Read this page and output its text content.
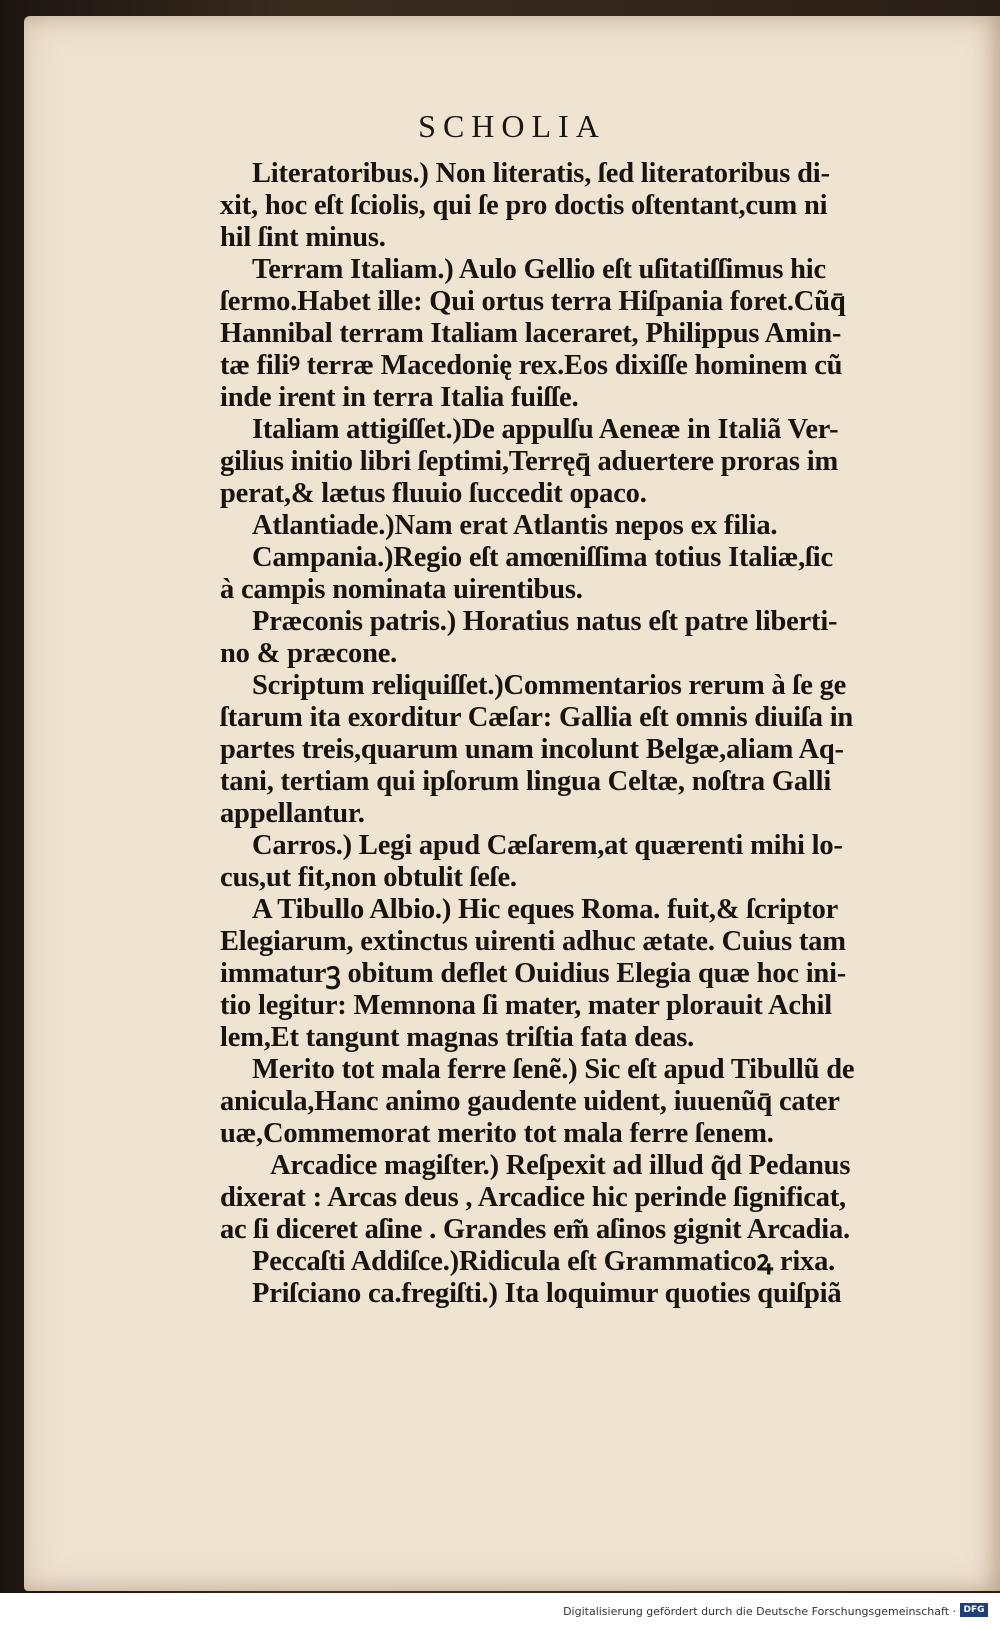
SCHOLIA
Literatoribus.) Non literatis, ſed literatoribus di-
xit, hoc eſt ſciolis, qui ſe pro doctis oſtentant,cum ni
hil ſint minus.
Terram Italiam.) Aulo Gellio eſt uſitatiſſimus hic
ſermo.Habet ille: Qui ortus terra Hiſpania foret.Cũq̄
Hannibal terram Italiam laceraret, Philippus Amin-
tæ filiꝰ terræ Macedonię rex.Eos dixiſſe hominem cũ
inde irent in terra Italia fuiſſe.
Italiam attigiſſet.)De appulſu Aeneæ in Italiã Ver-
gilius initio libri ſeptimi,Terręq̄ aduertere proras im
perat,& lætus fluuio ſuccedit opaco.
Atlantiade.)Nam erat Atlantis nepos ex filia.
Campania.)Regio eſt amœniſſima totius Italiæ,ſic
à campis nominata uirentibus.
Præconis patris.) Horatius natus eſt patre liberti-
no & præcone.
Scriptum reliquiſſet.)Commentarios rerum à ſe ge
ſtarum ita exorditur Cæſar: Gallia eſt omnis diuiſa in
partes treis,quarum unam incolunt Belgæ,aliam Aq-
tani, tertiam qui ipſorum lingua Celtæ, noſtra Galli
appellantur.
Carros.) Legi apud Cæſarem,at quærenti mihi lo-
cus,ut fit,non obtulit ſeſe.
A Tibullo Albio.) Hic eques Roma. fuit,& ſcriptor
Elegiarum, extinctus uirenti adhuc ætate. Cuius tam
immaturꝫ obitum deflet Ouidius Elegia quæ hoc ini-
tio legitur: Memnona ſi mater, mater plorauit Achil
lem,Et tangunt magnas triſtia fata deas.
Merito tot mala ferre ſenẽ.) Sic eſt apud Tibullũ de
anicula,Hanc animo gaudente uident, iuuenũq̄ cater
uæ,Commemorat merito tot mala ferre ſenem.
Arcadice magiſter.) Reſpexit ad illud q̃d Pedanus
dixerat : Arcas deus , Arcadice hic perinde ſignificat,
ac ſi diceret aſine . Grandes em̃ aſinos gignit Arcadia.
Peccaſti Addiſce.)Ridicula eſt Grammaticoꝝ rixa.
Priſciano ca.fregiſti.) Ita loquimur quoties quiſpiã
Digitalisierung gefördert durch die Deutsche Forschungsgemeinschaft · DFG
